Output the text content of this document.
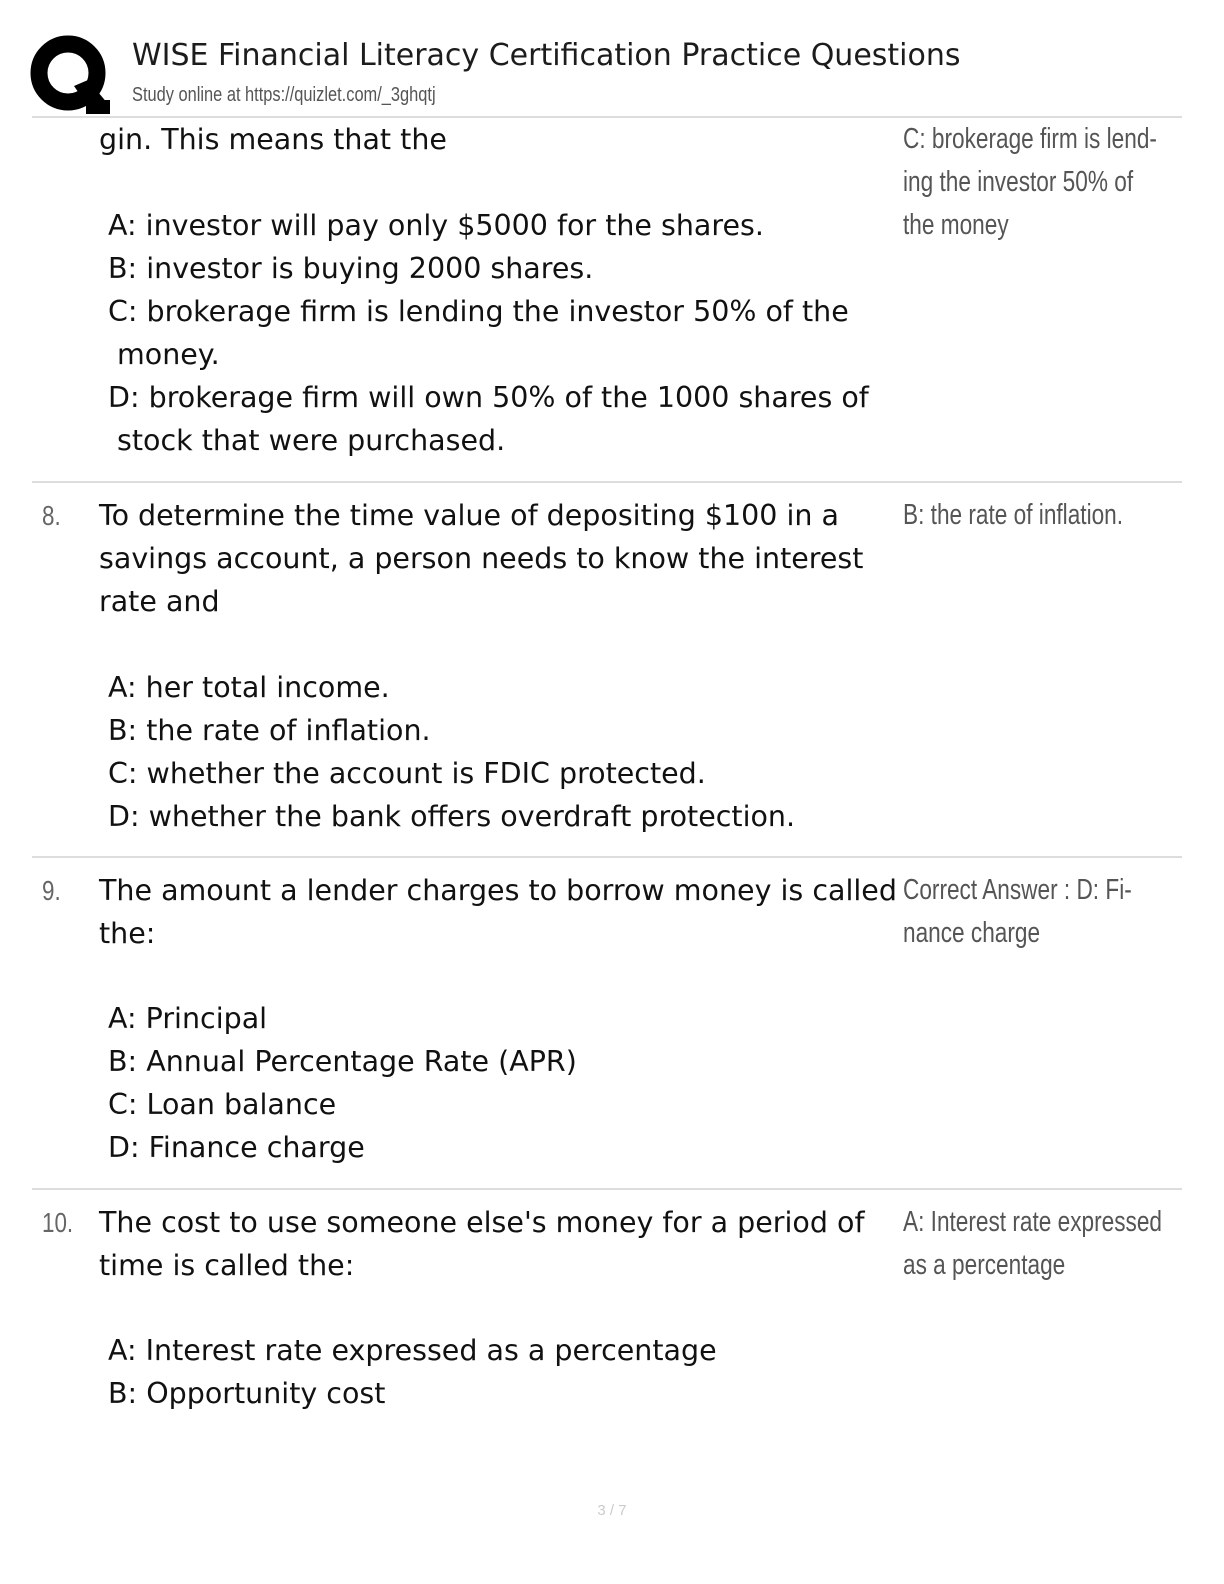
WISE Financial Literacy Certification Practice Questions
Study online at https://quizlet.com/_3ghqtj
gin. This means that the
A: investor will pay only $5000 for the shares.
B: investor is buying 2000 shares.
C: brokerage firm is lending the investor 50% of the money.
D: brokerage firm will own 50% of the 1000 shares of stock that were purchased.
C: brokerage firm is lend-ing the investor 50% of the money
8. To determine the time value of depositing $100 in a savings account, a person needs to know the interest rate and
A: her total income.
B: the rate of inflation.
C: whether the account is FDIC protected.
D: whether the bank offers overdraft protection.
B: the rate of inflation.
9. The amount a lender charges to borrow money is called the:
A: Principal
B: Annual Percentage Rate (APR)
C: Loan balance
D: Finance charge
Correct Answer : D: Fi-nance charge
10. The cost to use someone else's money for a period of time is called the:
A: Interest rate expressed as a percentage
B: Opportunity cost
A: Interest rate expressed as a percentage
3 / 7
